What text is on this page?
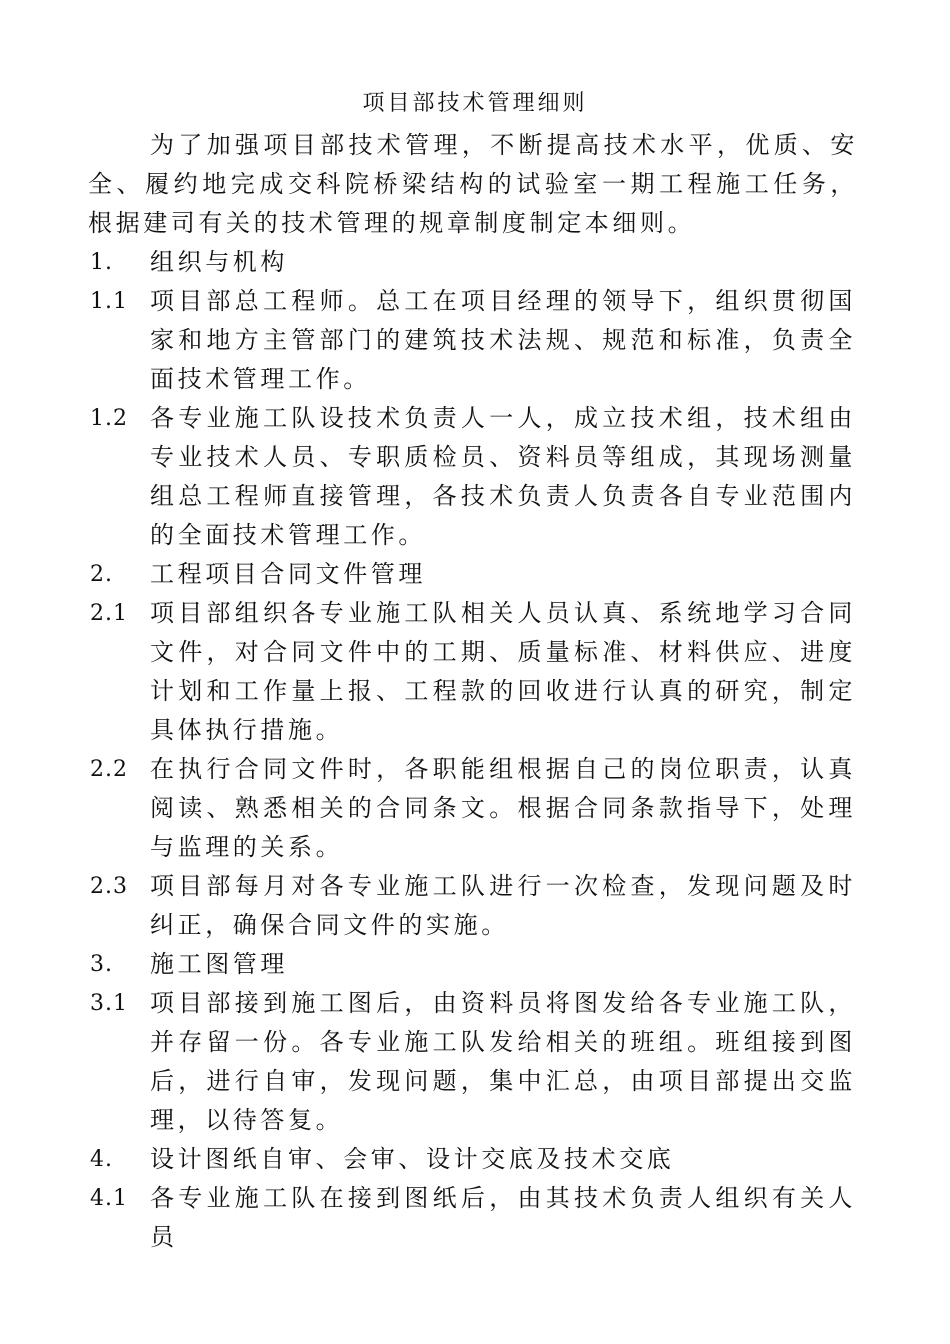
项目部技术管理细则
为了加强项目部技术管理，不断提高技术水平，优质、安全、履约地完成交科院桥梁结构的试验室一期工程施工任务，根据建司有关的技术管理的规章制度制定本细则。
1.	组织与机构
1.1 项目部总工程师。总工在项目经理的领导下，组织贯彻国家和地方主管部门的建筑技术法规、规范和标准，负责全面技术管理工作。
1.2 各专业施工队设技术负责人一人，成立技术组，技术组由专业技术人员、专职质检员、资料员等组成，其现场测量组总工程师直接管理，各技术负责人负责各自专业范围内的全面技术管理工作。
2.	工程项目合同文件管理
2.1 项目部组织各专业施工队相关人员认真、系统地学习合同文件，对合同文件中的工期、质量标准、材料供应、进度计划和工作量上报、工程款的回收进行认真的研究，制定具体执行措施。
2.2 在执行合同文件时，各职能组根据自己的岗位职责，认真阅读、熟悉相关的合同条文。根据合同条款指导下，处理与监理的关系。
2.3 项目部每月对各专业施工队进行一次检查，发现问题及时纠正，确保合同文件的实施。
3.	施工图管理
3.1 项目部接到施工图后，由资料员将图发给各专业施工队，并存留一份。各专业施工队发给相关的班组。班组接到图后，进行自审，发现问题，集中汇总，由项目部提出交监理，以待答复。
4.	设计图纸自审、会审、设计交底及技术交底
4.1 各专业施工队在接到图纸后，由其技术负责人组织有关人员
